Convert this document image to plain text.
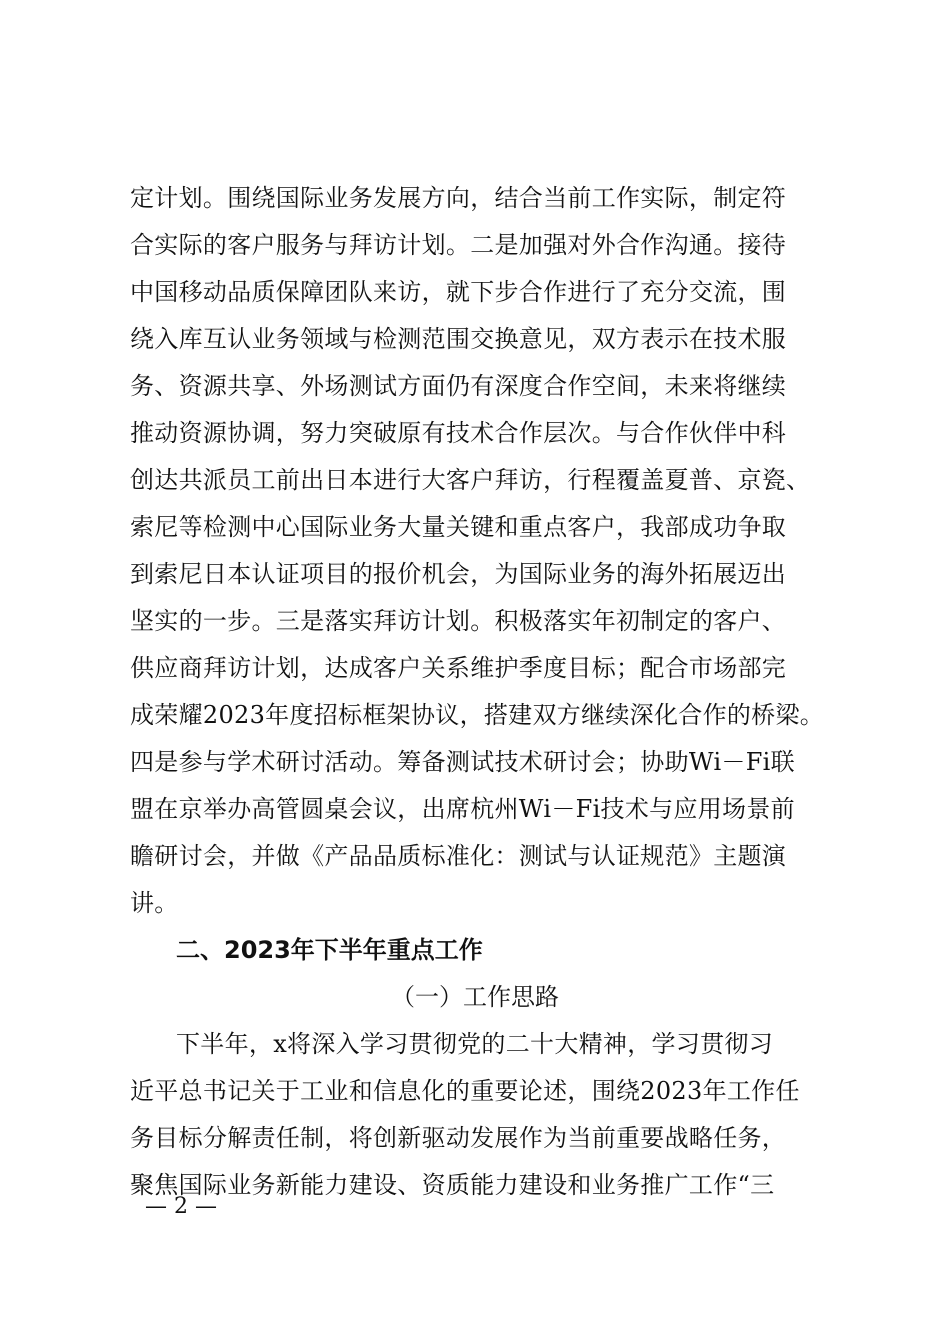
定计划。围绕国际业务发展方向，结合当前工作实际，制定符
合实际的客户服务与拜访计划。二是加强对外合作沟通。接待
中国移动品质保障团队来访，就下步合作进行了充分交流，围
绕入库互认业务领域与检测范围交换意见，双方表示在技术服
务、资源共享、外场测试方面仍有深度合作空间，未来将继续
推动资源协调，努力突破原有技术合作层次。与合作伙伴中科
创达共派员工前出日本进行大客户拜访，行程覆盖夏普、京瓷、
索尼等检测中心国际业务大量关键和重点客户，我部成功争取
到索尼日本认证项目的报价机会，为国际业务的海外拓展迈出
坚实的一步。三是落实拜访计划。积极落实年初制定的客户、
供应商拜访计划，达成客户关系维护季度目标；配合市场部完
成荣耀2023年度招标框架协议，搭建双方继续深化合作的桥梁。
四是参与学术研讨活动。筹备测试技术研讨会；协助Wi－Fi联
盟在京举办高管圆桌会议，出席杭州Wi－Fi技术与应用场景前
瞻研讨会，并做《产品品质标准化：测试与认证规范》主题演
讲。
二、2023年下半年重点工作
（一）工作思路
下半年，x将深入学习贯彻党的二十大精神，学习贯彻习
近平总书记关于工业和信息化的重要论述，围绕2023年工作任
务目标分解责任制，将创新驱动发展作为当前重要战略任务，
聚焦国际业务新能力建设、资质能力建设和业务推广工作“三
— 2 —
